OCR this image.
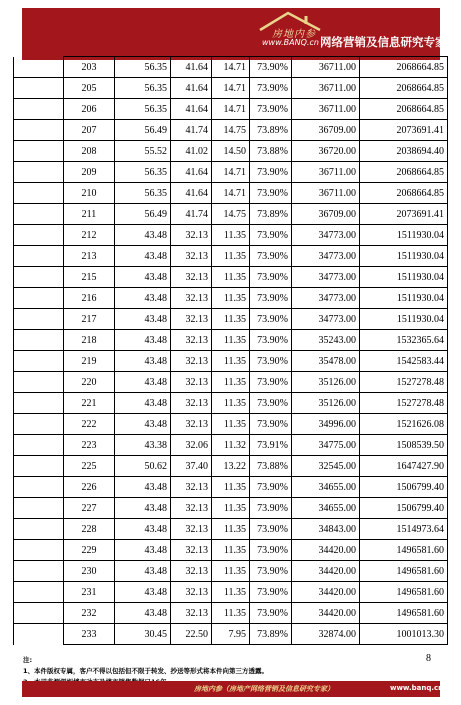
房地内参
www.BANQ.cn 网络营销及信息研究专家
	203	56.35	41.64	14.71	73.90%	36711.00	2068664.85
	205	56.35	41.64	14.71	73.90%	36711.00	2068664.85
	206	56.35	41.64	14.71	73.90%	36711.00	2068664.85
	207	56.49	41.74	14.75	73.89%	36709.00	2073691.41
	208	55.52	41.02	14.50	73.88%	36720.00	2038694.40
	209	56.35	41.64	14.71	73.90%	36711.00	2068664.85
	210	56.35	41.64	14.71	73.90%	36711.00	2068664.85
	211	56.49	41.74	14.75	73.89%	36709.00	2073691.41
	212	43.48	32.13	11.35	73.90%	34773.00	1511930.04
	213	43.48	32.13	11.35	73.90%	34773.00	1511930.04
	215	43.48	32.13	11.35	73.90%	34773.00	1511930.04
	216	43.48	32.13	11.35	73.90%	34773.00	1511930.04
	217	43.48	32.13	11.35	73.90%	34773.00	1511930.04
	218	43.48	32.13	11.35	73.90%	35243.00	1532365.64
	219	43.48	32.13	11.35	73.90%	35478.00	1542583.44
	220	43.48	32.13	11.35	73.90%	35126.00	1527278.48
	221	43.48	32.13	11.35	73.90%	35126.00	1527278.48
	222	43.48	32.13	11.35	73.90%	34996.00	1521626.08
	223	43.38	32.06	11.32	73.91%	34775.00	1508539.50
	225	50.62	37.40	13.22	73.88%	32545.00	1647427.90
	226	43.48	32.13	11.35	73.90%	34655.00	1506799.40
	227	43.48	32.13	11.35	73.90%	34655.00	1506799.40
	228	43.48	32.13	11.35	73.90%	34843.00	1514973.64
	229	43.48	32.13	11.35	73.90%	34420.00	1496581.60
	230	43.48	32.13	11.35	73.90%	34420.00	1496581.60
	231	43.48	32.13	11.35	73.90%	34420.00	1496581.60
	232	43.48	32.13	11.35	73.90%	34420.00	1496581.60
	233	30.45	22.50	7.95	73.89%	32874.00	1001013.30
8
注:
1、本件版权专属，客户不得以包括但不限于转发、抄送等形式将本件向第三方透露。
房地内参（房地产网络营销及信息研究专家）	www.banq.cn
